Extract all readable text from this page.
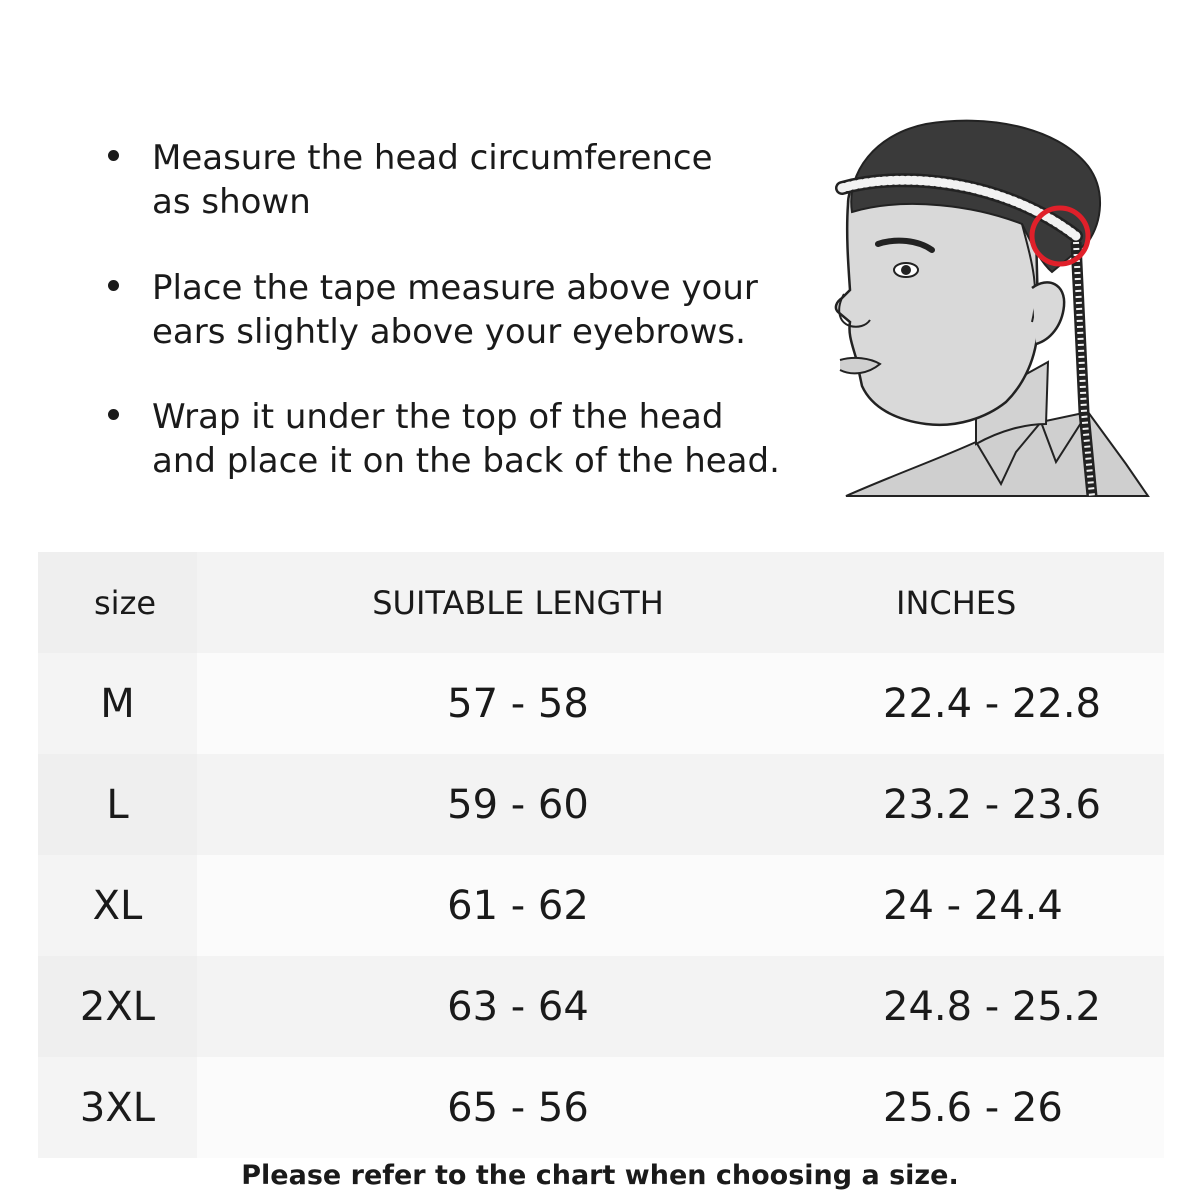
Measure the head circumference
as shown
Place the tape measure above your
ears slightly above your eyebrows.
Wrap it under the top of the head
and place it on the back of the head.
size	SUITABLE LENGTH	INCHES
M	57 - 58	22.4 - 22.8
L	59 - 60	23.2 - 23.6
XL	61 - 62	24 - 24.4
2XL	63 - 64	24.8 - 25.2
3XL	65 - 56	25.6 - 26
Please refer to the chart when choosing a size.
